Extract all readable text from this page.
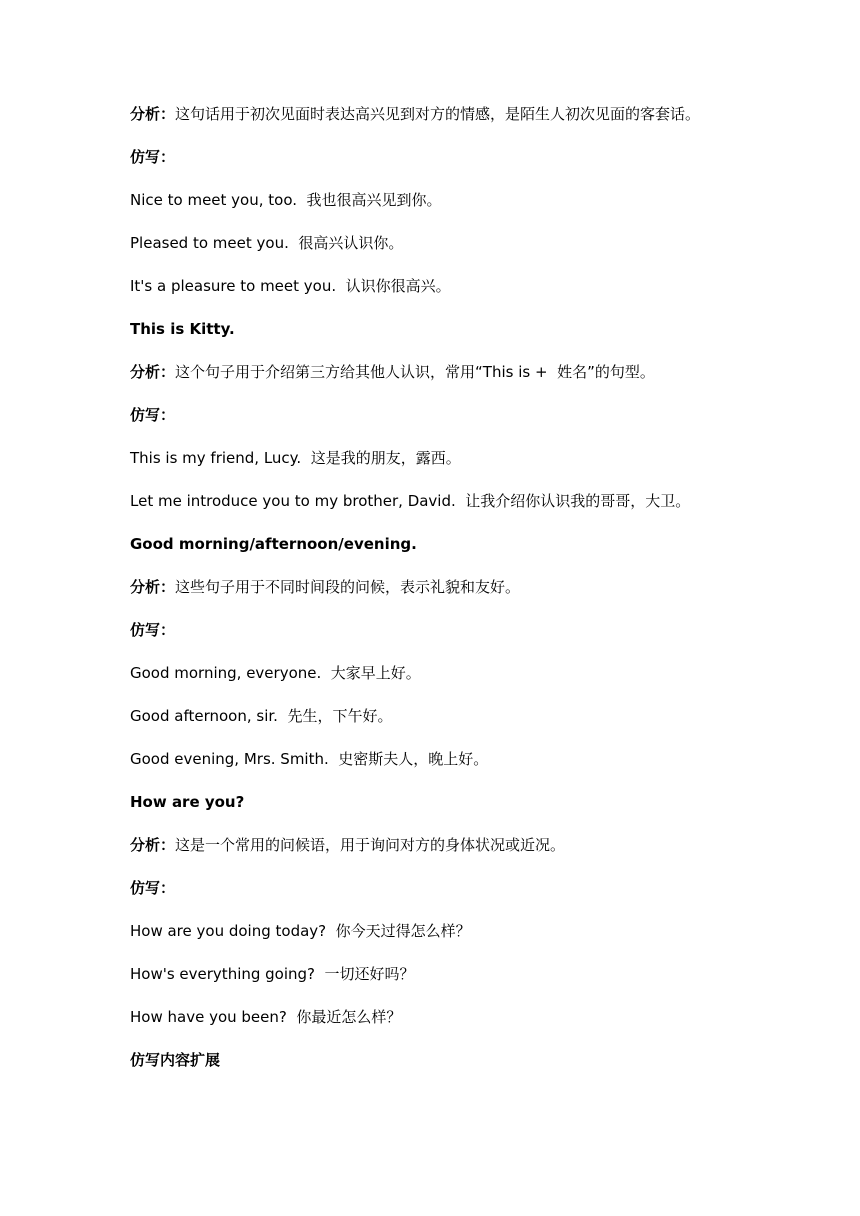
分析：这句话用于初次见面时表达高兴见到对方的情感，是陌生人初次见面的客套话。

仿写：

Nice to meet you, too.  我也很高兴见到你。

Pleased to meet you.  很高兴认识你。

It's a pleasure to meet you.  认识你很高兴。

This is Kitty.

分析：这个句子用于介绍第三方给其他人认识，常用“This is +  姓名”的句型。

仿写：

This is my friend, Lucy.  这是我的朋友，露西。

Let me introduce you to my brother, David.  让我介绍你认识我的哥哥，大卫。

Good morning/afternoon/evening.

分析：这些句子用于不同时间段的问候，表示礼貌和友好。

仿写：

Good morning, everyone.  大家早上好。

Good afternoon, sir.  先生，下午好。

Good evening, Mrs. Smith.  史密斯夫人，晚上好。

How are you?

分析：这是一个常用的问候语，用于询问对方的身体状况或近况。

仿写：

How are you doing today?  你今天过得怎么样？

How's everything going?  一切还好吗？

How have you been?  你最近怎么样？

仿写内容扩展
